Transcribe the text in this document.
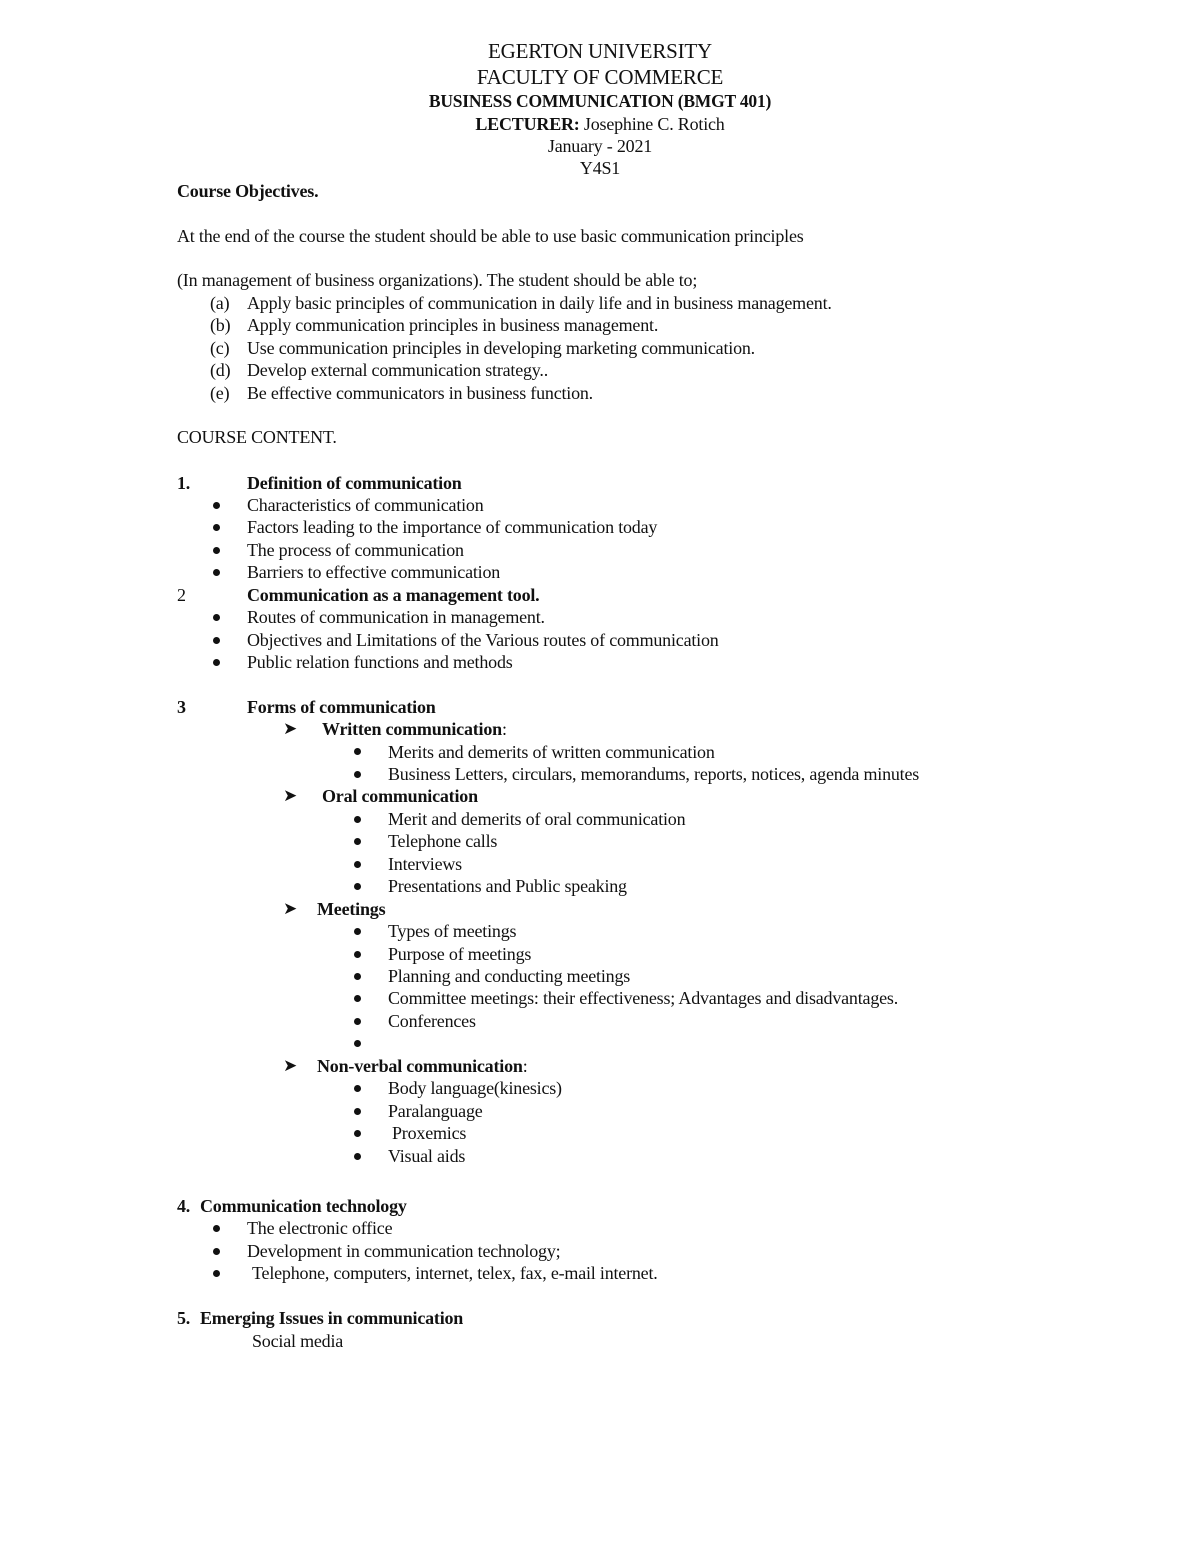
EGERTON UNIVERSITY
FACULTY OF COMMERCE
BUSINESS COMMUNICATION (BMGT 401)
LECTURER: Josephine C. Rotich
January - 2021
Y4S1
Course Objectives.
At the end of the course the student should be able to use basic communication principles
(In management of business organizations). The student should be able to;
(a) Apply basic principles of communication in daily life and in business management.
(b) Apply communication principles in business management.
(c) Use communication principles in developing marketing communication.
(d) Develop external communication strategy..
(e) Be effective communicators in business function.
COURSE CONTENT.
1.	Definition of communication
Characteristics of communication
Factors leading to the importance of communication today
The process of communication
Barriers to effective communication
2	Communication as a management tool.
Routes of communication in management.
Objectives and Limitations of the Various routes of communication
Public relation functions and methods
3	Forms of communication
➤ Written communication:
Merits and demerits of written communication
Business Letters, circulars, memorandums, reports, notices, agenda minutes
➤ Oral communication
Merit and demerits of oral communication
Telephone calls
Interviews
Presentations and Public speaking
➤ Meetings
Types of meetings
Purpose of meetings
Planning and conducting meetings
Committee meetings: their effectiveness; Advantages and disadvantages.
Conferences
➤ Non-verbal communication:
Body language(kinesics)
Paralanguage
Proxemics
Visual aids
4. Communication technology
The electronic office
Development in communication technology;
Telephone, computers, internet, telex, fax, e-mail internet.
5. Emerging Issues in communication
Social media
